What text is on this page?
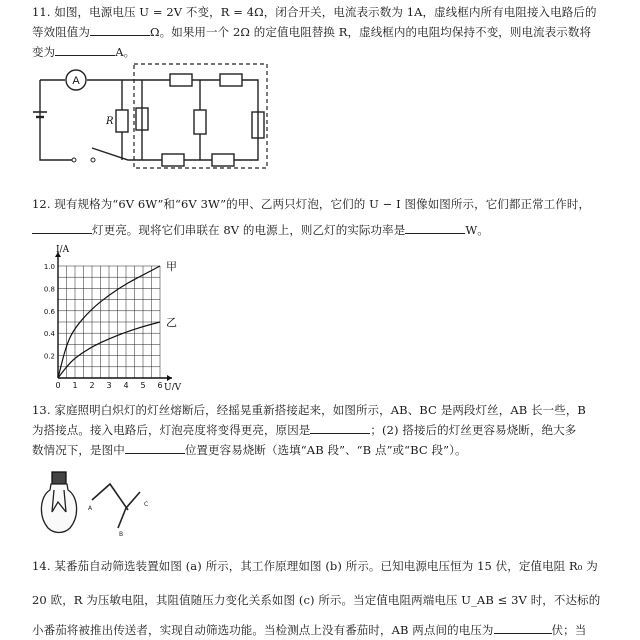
11. 如图，电源电压 U = 2V 不变，R = 4Ω，闭合开关，电流表示数为 1A，虚线框内所有电阻接入电路后的
等效阻值为	Ω。如果用一个 2Ω 的定值电阻替换 R，虚线框内的电阻均保持不变，则电流表示数将
变为	A。
A
R
12. 现有规格为“6V 6W”和“6V 3W”的甲、乙两只灯泡，它们的 U − I 图像如图所示，它们都正常工作时，
灯更亮。现将它们串联在 8V 的电源上，则乙灯的实际功率是	W。
甲
乙
0 1 2 3 4 5 6
1.0
0.8
0.6
0.4
0.2
I/A
U/V
13. 家庭照明白炽灯的灯丝熔断后，经摇晃重新搭接起来，如图所示，AB、BC 是两段灯丝，AB 长一些，B
为搭接点。接入电路后，灯泡亮度将变得更亮，原因是	；(2) 搭接后的灯丝更容易烧断，绝大多
数情况下，是图中	位置更容易烧断（选填“AB 段”、“B 点”或“BC 段”）。
A
B
C
14. 某番茄自动筛选装置如图 (a) 所示，其工作原理如图 (b) 所示。已知电源电压恒为 15 伏，定值电阻 R₀ 为
20 欧，R 为压敏电阻，其阻值随压力变化关系如图 (c) 所示。当定值电阻两端电压 U_AB ≤ 3V 时，不达标的
小番茄将被推出传送者，实现自动筛选功能。当检测点上没有番茄时，AB 两点间的电压为	伏；当
